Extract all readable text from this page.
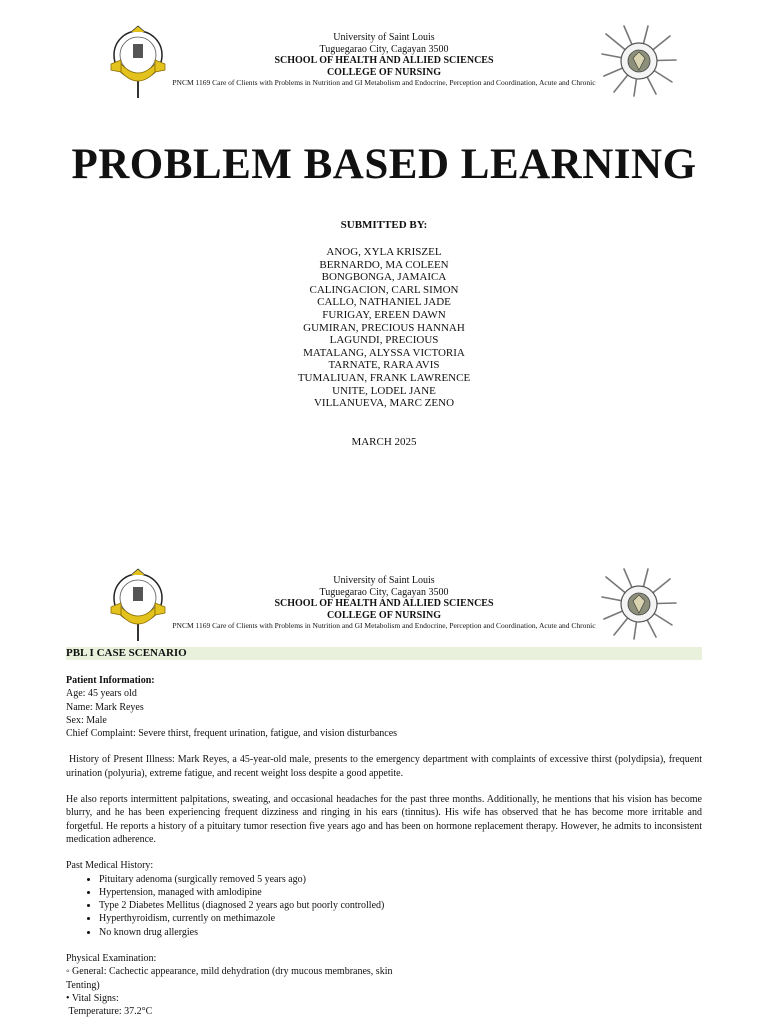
University of Saint Louis
Tuguegarao City, Cagayan 3500
SCHOOL OF HEALTH AND ALLIED SCIENCES
COLLEGE OF NURSING
PNCM 1169 Care of Clients with Problems in Nutrition and GI Metabolism and Endocrine, Perception and Coordination, Acute and Chronic
PROBLEM BASED LEARNING
SUBMITTED BY:
ANOG, XYLA KRISZEL
BERNARDO, MA COLEEN
BONGBONGA, JAMAICA
CALINGACION, CARL SIMON
CALLO, NATHANIEL JADE
FURIGAY, EREEN DAWN
GUMIRAN, PRECIOUS HANNAH
LAGUNDI, PRECIOUS
MATALANG, ALYSSA VICTORIA
TARNATE, RARA AVIS
TUMALIUAN, FRANK LAWRENCE
UNITE, LODEL JANE
VILLANUEVA, MARC ZENO
MARCH 2025
University of Saint Louis
Tuguegarao City, Cagayan 3500
SCHOOL OF HEALTH AND ALLIED SCIENCES
COLLEGE OF NURSING
PNCM 1169 Care of Clients with Problems in Nutrition and GI Metabolism and Endocrine, Perception and Coordination, Acute and Chronic
PBL I CASE SCENARIO

Patient Information:

Age: 45 years old

Name: Mark Reyes

Sex: Male

Chief Complaint: Severe thirst, frequent urination, fatigue, and vision disturbances

History of Present Illness: Mark Reyes, a 45-year-old male, presents to the emergency department with complaints of excessive thirst (polydipsia), frequent urination (polyuria), extreme fatigue, and recent weight loss despite a good appetite.

He also reports intermittent palpitations, sweating, and occasional headaches for the past three months. Additionally, he mentions that his vision has become blurry, and he has been experiencing frequent dizziness and ringing in his ears (tinnitus). His wife has observed that he has become more irritable and forgetful. He reports a history of a pituitary tumor resection five years ago and has been on hormone replacement therapy. However, he admits to inconsistent medication adherence.

Past Medical History:

• Pituitary adenoma (surgically removed 5 years ago)
• Hypertension, managed with amlodipine
• Type 2 Diabetes Mellitus (diagnosed 2 years ago but poorly controlled)
• Hyperthyroidism, currently on methimazole
• No known drug allergies

Physical Examination:

◦ General: Cachectic appearance, mild dehydration (dry mucous membranes, skin

Tenting)

• Vital Signs:

Temperature: 37.2°C
